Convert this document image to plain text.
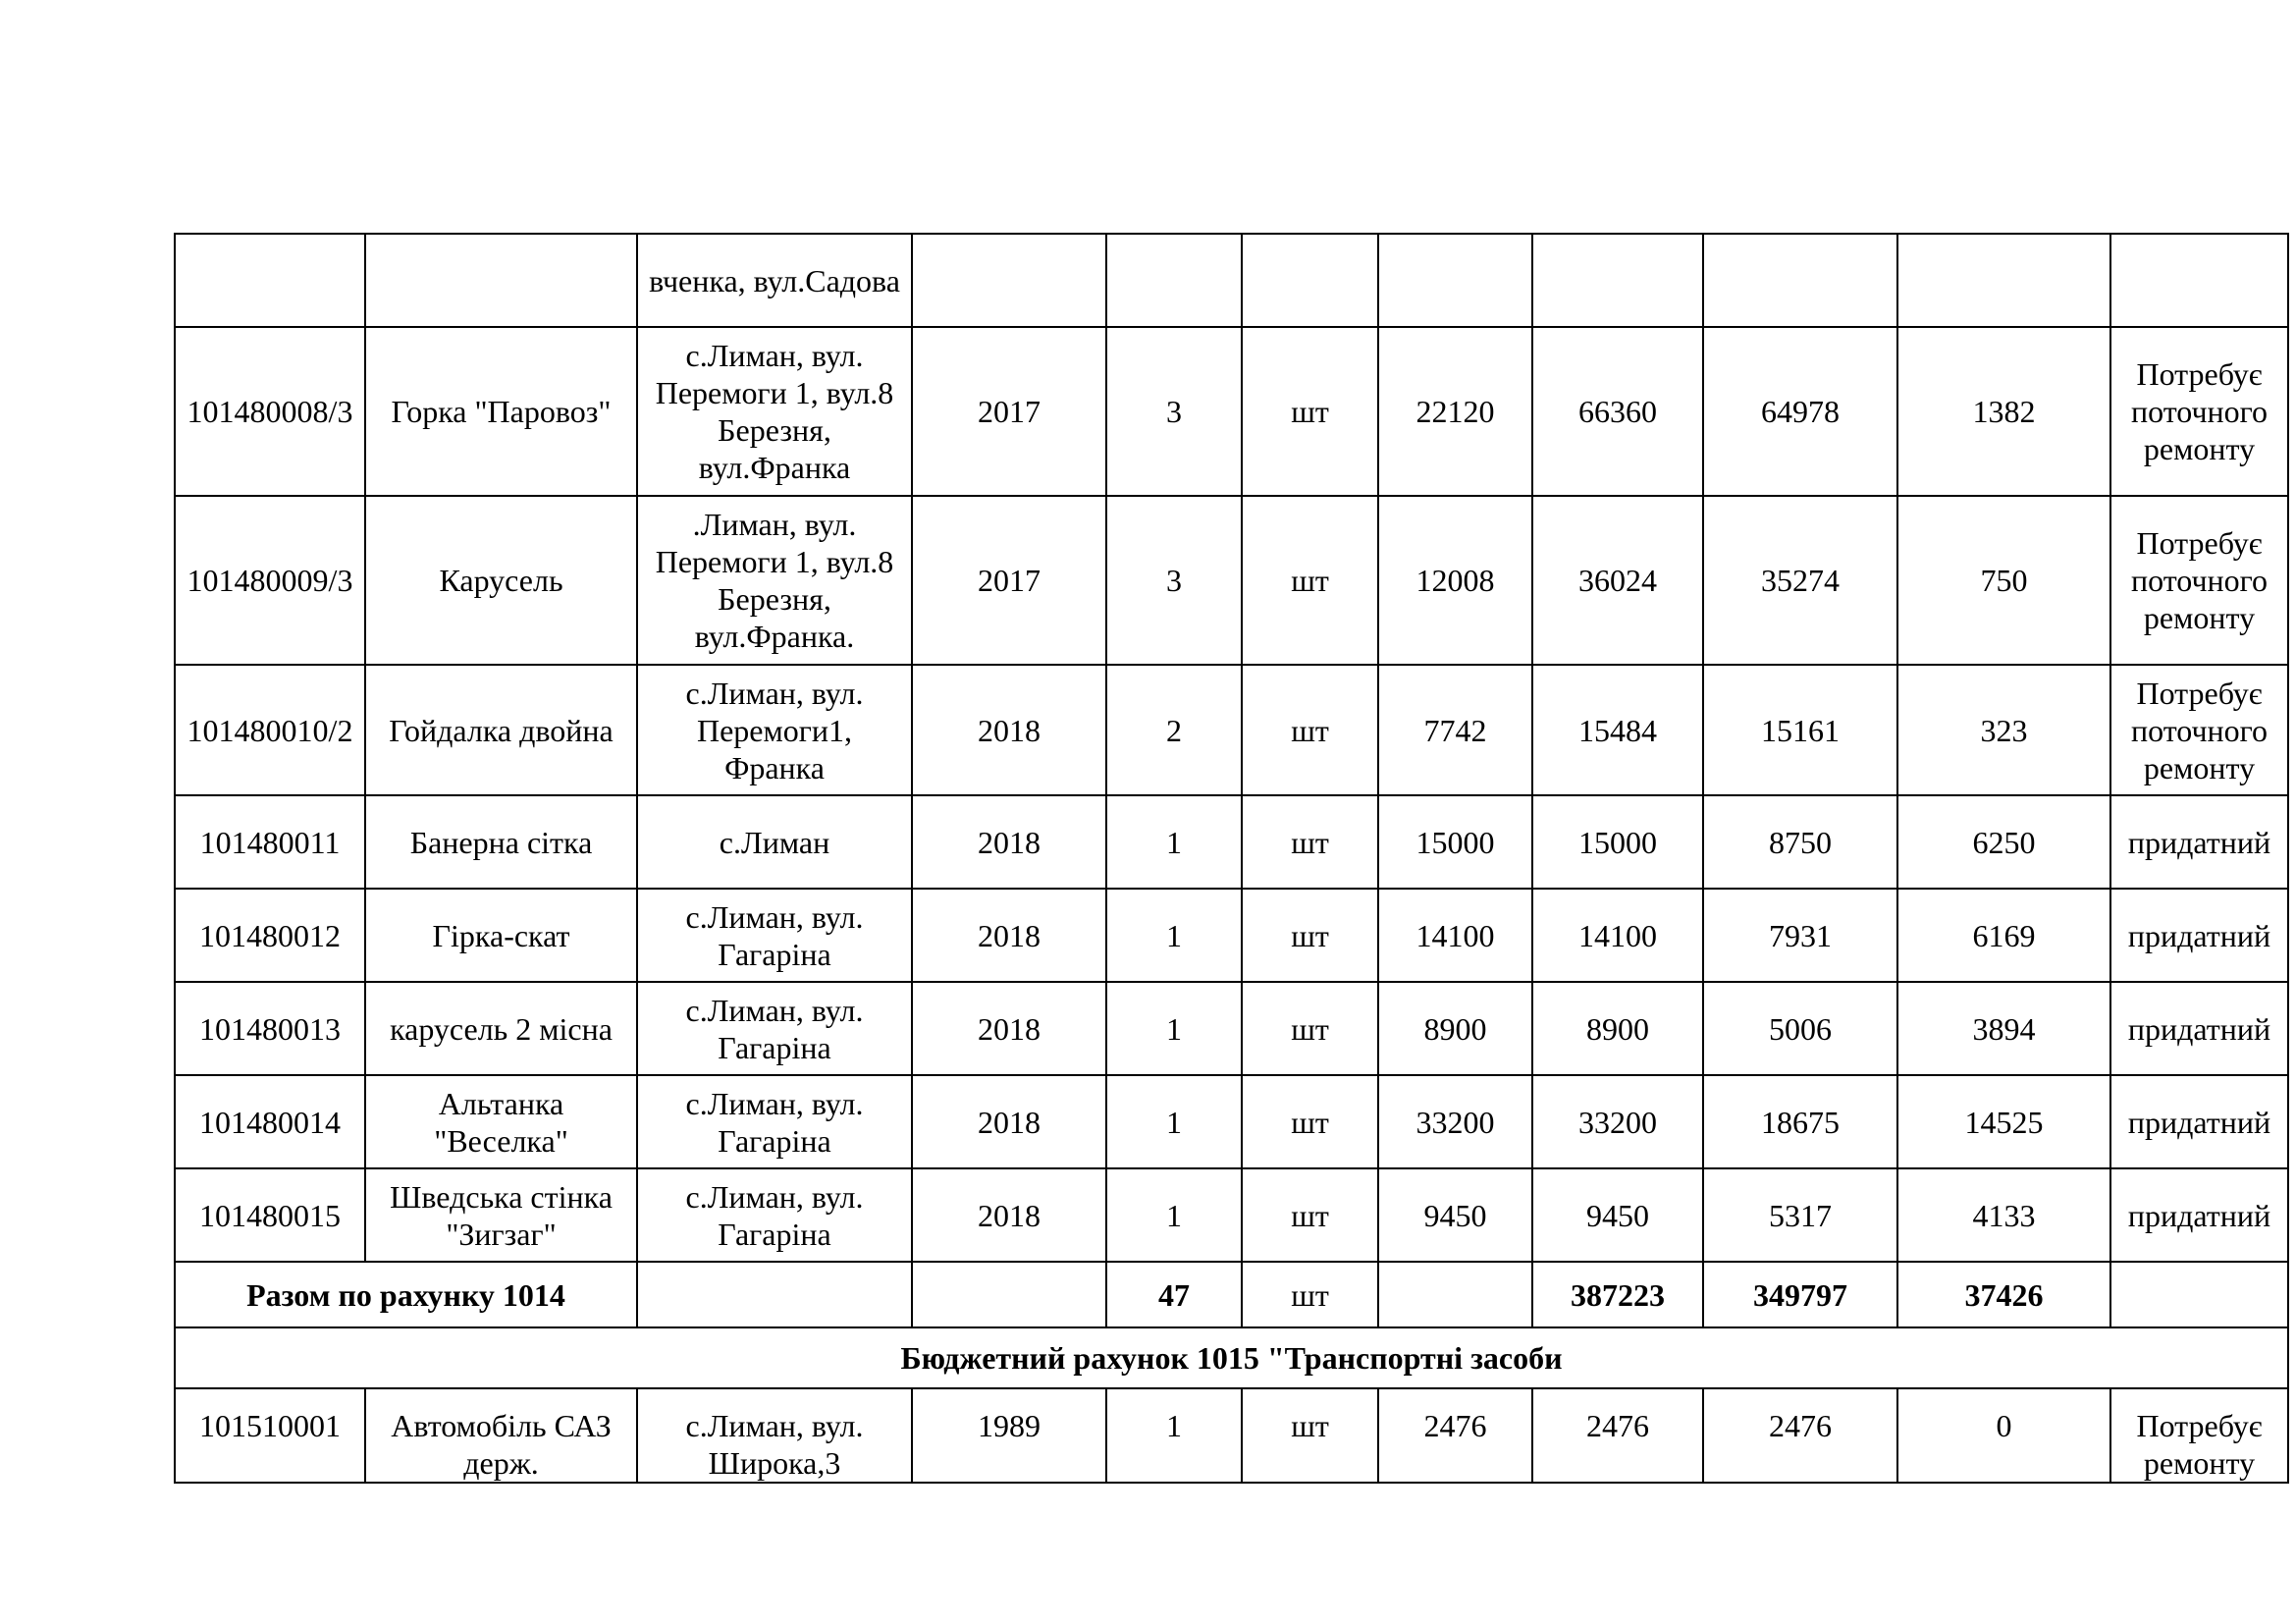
		вченка, вул.Садова								
101480008/3	Горка "Паровоз"	с.Лиман, вул. Перемоги 1, вул.8 Березня, вул.Франка	2017	3	шт	22120	66360	64978	1382	Потребує поточного ремонту
101480009/3	Карусель	.Лиман, вул. Перемоги 1, вул.8 Березня, вул.Франка.	2017	3	шт	12008	36024	35274	750	Потребує поточного ремонту
101480010/2	Гойдалка двойна	с.Лиман, вул. Перемоги1, Франка	2018	2	шт	7742	15484	15161	323	Потребує поточного ремонту
101480011	Банерна сітка	с.Лиман	2018	1	шт	15000	15000	8750	6250	придатний
101480012	Гірка-скат	с.Лиман, вул. Гагаріна	2018	1	шт	14100	14100	7931	6169	придатний
101480013	карусель 2 місна	с.Лиман, вул. Гагаріна	2018	1	шт	8900	8900	5006	3894	придатний
101480014	Альтанка "Веселка"	с.Лиман, вул. Гагаріна	2018	1	шт	33200	33200	18675	14525	придатний
101480015	Шведська стінка "Зигзаг"	с.Лиман, вул. Гагаріна	2018	1	шт	9450	9450	5317	4133	придатний
Разом по рахунку 1014				47	шт		387223	349797	37426	
Бюджетний рахунок 1015 "Транспортні засоби										
101510001	Автомобіль САЗ держ.	с.Лиман, вул. Широка,3	1989	1	шт	2476	2476	2476	0	Потребує ремонту
